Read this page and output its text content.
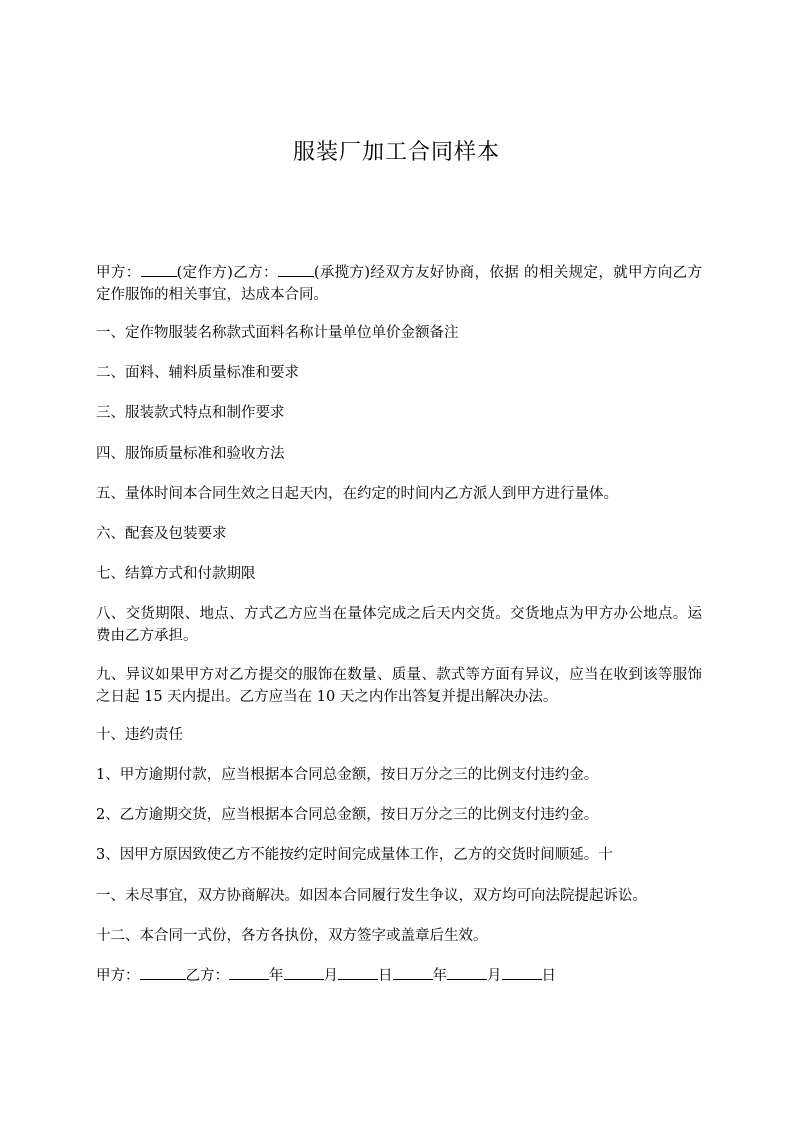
服装厂加工合同样本

甲方： (定作方)乙方： (承揽方)经双方友好协商，依据 的相关规定，就甲方向乙方定作服饰的相关事宜，达成本合同。

一、定作物服装名称款式面料名称计量单位单价金额备注

二、面料、辅料质量标准和要求

三、服装款式特点和制作要求

四、服饰质量标准和验收方法

五、量体时间本合同生效之日起天内，在约定的时间内乙方派人到甲方进行量体。

六、配套及包装要求

七、结算方式和付款期限

八、交货期限、地点、方式乙方应当在量体完成之后天内交货。交货地点为甲方办公地点。运费由乙方承担。

九、异议如果甲方对乙方提交的服饰在数量、质量、款式等方面有异议，应当在收到该等服饰之日起 15 天内提出。乙方应当在 10 天之内作出答复并提出解决办法。

十、违约责任

1、甲方逾期付款，应当根据本合同总金额，按日万分之三的比例支付违约金。

2、乙方逾期交货，应当根据本合同总金额，按日万分之三的比例支付违约金。

3、因甲方原因致使乙方不能按约定时间完成量体工作，乙方的交货时间顺延。十

一、未尽事宜，双方协商解决。如因本合同履行发生争议，双方均可向法院提起诉讼。

十二、本合同一式份，各方各执份，双方签字或盖章后生效。

甲方：	乙方：	年	月	日	年	月	日
